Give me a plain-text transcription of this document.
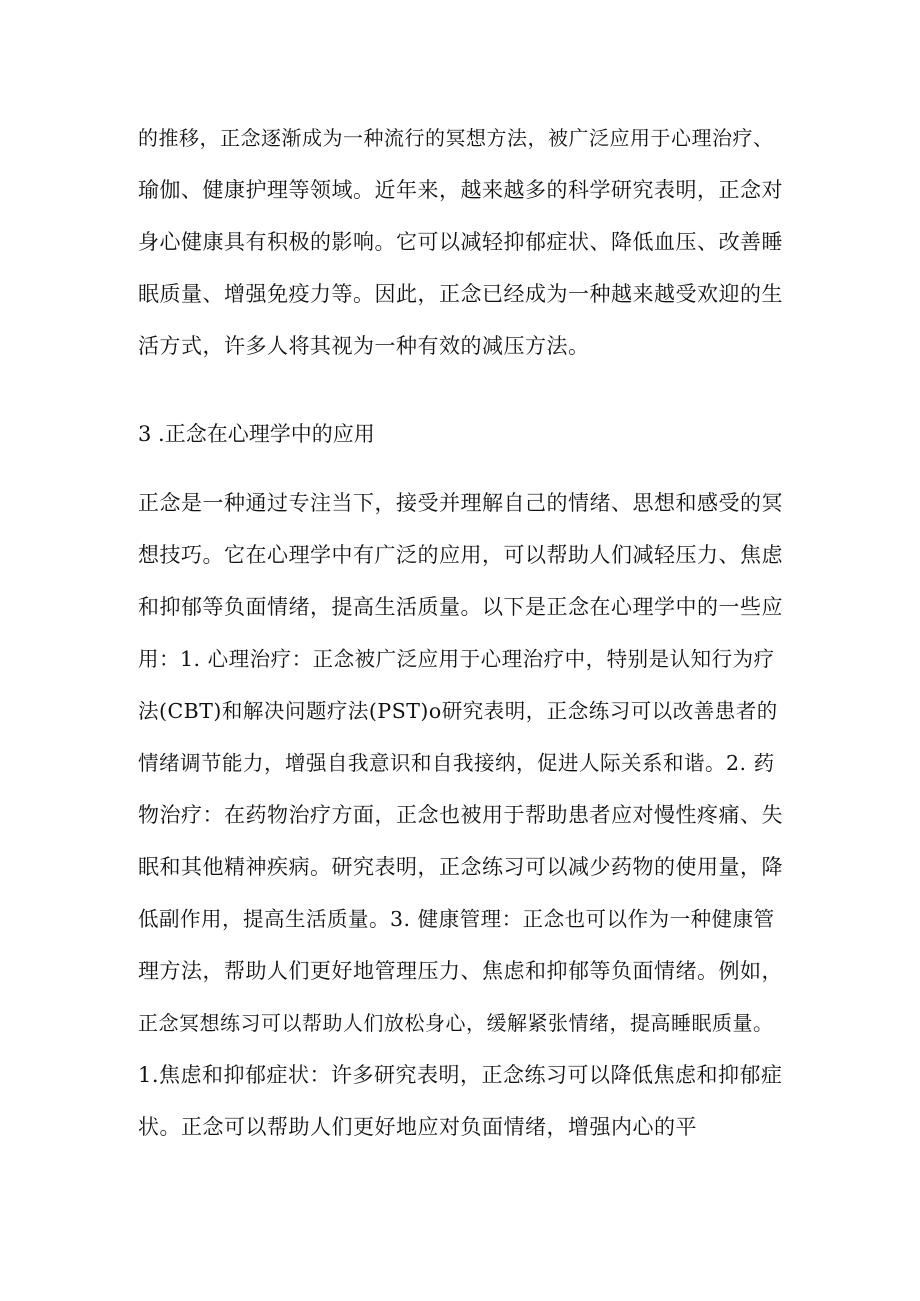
的推移，正念逐渐成为一种流行的冥想方法，被广泛应用于心理治疗、
瑜伽、健康护理等领域。近年来，越来越多的科学研究表明，正念对
身心健康具有积极的影响。它可以减轻抑郁症状、降低血压、改善睡
眠质量、增强免疫力等。因此，正念已经成为一种越来越受欢迎的生
活方式，许多人将其视为一种有效的减压方法。
3 .正念在心理学中的应用
正念是一种通过专注当下，接受并理解自己的情绪、思想和感受的冥
想技巧。它在心理学中有广泛的应用，可以帮助人们减轻压力、焦虑
和抑郁等负面情绪，提高生活质量。以下是正念在心理学中的一些应
用：1. 心理治疗：正念被广泛应用于心理治疗中，特别是认知行为疗
法(CBT)和解决问题疗法(PST)o研究表明，正念练习可以改善患者的
情绪调节能力，增强自我意识和自我接纳，促进人际关系和谐。2. 药
物治疗：在药物治疗方面，正念也被用于帮助患者应对慢性疼痛、失
眠和其他精神疾病。研究表明，正念练习可以减少药物的使用量，降
低副作用，提高生活质量。3. 健康管理：正念也可以作为一种健康管
理方法，帮助人们更好地管理压力、焦虑和抑郁等负面情绪。例如，
正念冥想练习可以帮助人们放松身心，缓解紧张情绪，提高睡眠质量。
1.焦虑和抑郁症状：许多研究表明，正念练习可以降低焦虑和抑郁症
状。正念可以帮助人们更好地应对负面情绪，增强内心的平
